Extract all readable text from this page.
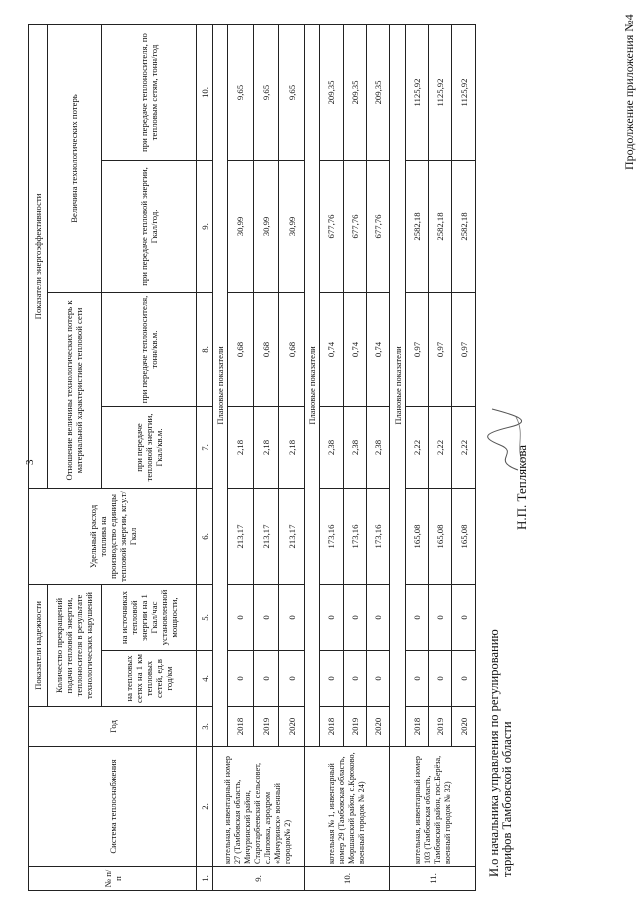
3
№ п/п	Система теплоснабжения	Год	Показатели надежности		Удельный расход топлива на производство единицы тепловой энергии, кг.у.т/Гкал	Показатели энергоэффективности			
			Количество прекращений подачи тепловой энергии, теплоносителя в результате технологических нарушений			Отношение величины технологических потерь к материальной характеристике тепловой сети		Величина технологических потерь	
			на тепловых сетях на 1 км тепловых сетей, ед.в год/км	на источниках тепловой энергии на 1 Гкал/час установленной мощности,		при передаче тепловой энергии, Гкал/кв.м.	при передаче теплоносителя, тонн/кв.м.	при передаче тепловой энергии, Гкал/год.	при передаче теплоносителя, по тепловым сетям, тонн/год
1.	2.	3.	4.	5.	6.	7.	8.	9.	10.
9.	котельная, инвентарный номер 27 (Тамбовская область, Мичуринский район, Старотарбеевский сельсовет, с.Липовка, аэродром «Мичуринск» военный городок№ 2)	Плановые показатели							
		2018	0	0	213,17	2,18	0,68	30,99	9,65
		2019	0	0	213,17	2,18	0,68	30,99	9,65
		2020	0	0	213,17	2,18	0,68	30,99	9,65
10.	котельная № 1, инвентарный номер 29 (Тамбовская область, Моршанский район, с.Крюково, военный городок № 24)	Плановые показатели							
		2018	0	0	173,16	2,38	0,74	677,76	209,35
		2019	0	0	173,16	2,38	0,74	677,76	209,35
		2020	0	0	173,16	2,38	0,74	677,76	209,35
11.	котельная, инвентарный номер 103 (Тамбовская область, Тамбовский район, пос.Берёза, военный городок № 32)	Плановые показатели							
		2018	0	0	165,08	2,22	0,97	2582,18	1125,92
		2019	0	0	165,08	2,22	0,97	2582,18	1125,92
		2020	0	0	165,08	2,22	0,97	2582,18	1125,92
И.о начальника управления по регулированию тарифов Тамбовской области
Н.П. Теплякова
Продолжение приложения №4
